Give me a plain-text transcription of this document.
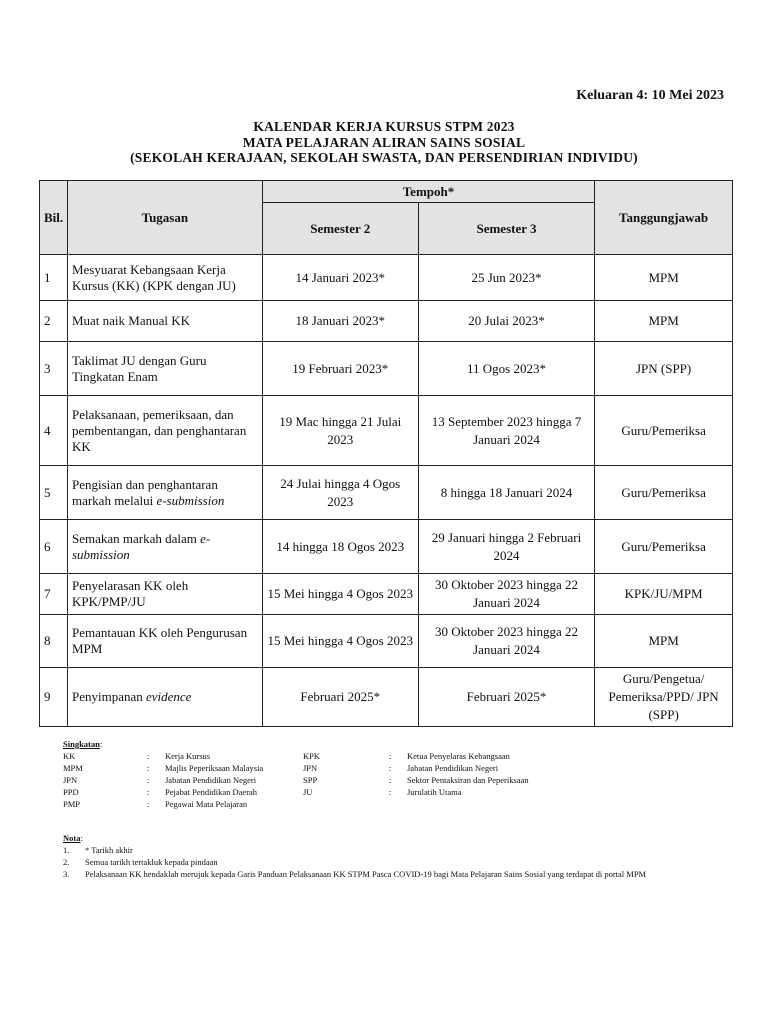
Keluaran 4: 10 Mei 2023
KALENDAR KERJA KURSUS STPM 2023
MATA PELAJARAN ALIRAN SAINS SOSIAL
(SEKOLAH KERAJAAN, SEKOLAH SWASTA, DAN PERSENDIRIAN INDIVIDU)
Bil.	Tugasan	Tempoh*		Tanggungjawab
		Semester 2	Semester 3	
1	Mesyuarat Kebangsaan Kerja Kursus (KK) (KPK dengan JU)	14 Januari 2023*	25 Jun 2023*	MPM
2	Muat naik Manual KK	18 Januari 2023*	20 Julai 2023*	MPM
3	Taklimat JU dengan Guru Tingkatan Enam	19 Februari 2023*	11 Ogos 2023*	JPN (SPP)
4	Pelaksanaan, pemeriksaan, dan pembentangan, dan penghantaran KK	19 Mac hingga 21 Julai 2023	13 September 2023 hingga 7 Januari 2024	Guru/Pemeriksa
5	Pengisian dan penghantaran markah melalui e-submission	24 Julai hingga 4 Ogos 2023	8 hingga 18 Januari 2024	Guru/Pemeriksa
6	Semakan markah dalam e-submission	14 hingga 18 Ogos 2023	29 Januari hingga 2 Februari 2024	Guru/Pemeriksa
7	Penyelarasan KK oleh KPK/PMP/JU	15 Mei hingga 4 Ogos 2023	30 Oktober 2023 hingga 22 Januari 2024	KPK/JU/MPM
8	Pemantauan KK oleh Pengurusan MPM	15 Mei hingga 4 Ogos 2023	30 Oktober 2023 hingga 22 Januari 2024	MPM
9	Penyimpanan evidence	Februari 2025*	Februari 2025*	Guru/Pengetua/ Pemeriksa/PPD/ JPN (SPP)
Singkatan:
KK	:	Kerja Kursus	KPK	:	Ketua Penyelaras Kebangsaan
MPM	:	Majlis Peperiksaan Malaysia	JPN	:	Jabatan Pendidikan Negeri
JPN	:	Jabatan Pendidikan Negeri	SPP	:	Sektor Pentaksiran dan Peperiksaan
PPD	:	Pejabat Pendidikan Daerah	JU	:	Jurulatih Utama
PMP	:	Pegawai Mata Pelajaran
Nota:
1.	* Tarikh akhir
2.	Semua tarikh tertakluk kepada pindaan
3.	Pelaksanaan KK hendaklah merujuk kepada Garis Panduan Pelaksanaan KK STPM Pasca COVID-19 bagi Mata Pelajaran Sains Sosial yang terdapat di portal MPM
